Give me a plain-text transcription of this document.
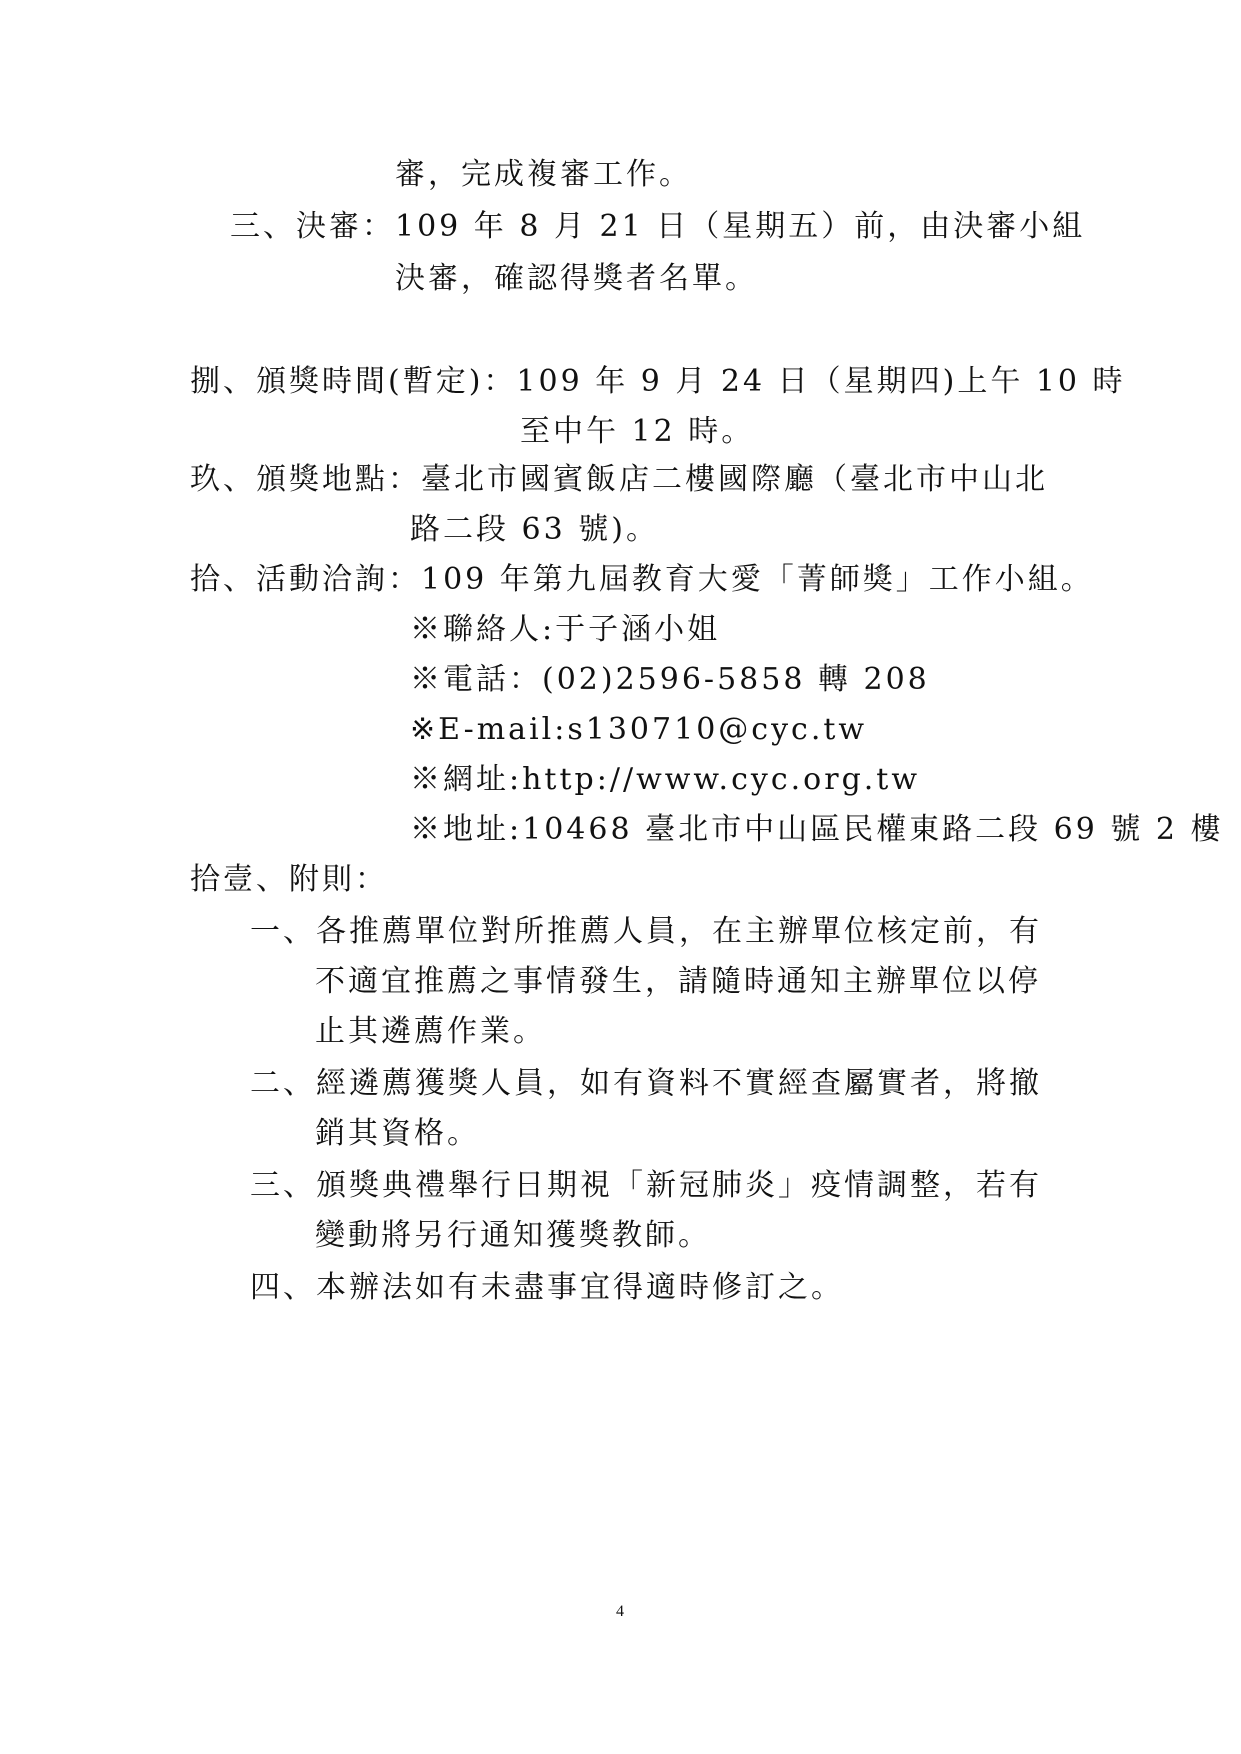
審，完成複審工作。
三、決審：109 年 8 月 21 日（星期五）前，由決審小組
決審，確認得獎者名單。
捌、頒獎時間(暫定)：109 年 9 月 24 日（星期四)上午 10 時
至中午 12 時。
玖、頒獎地點：臺北市國賓飯店二樓國際廳（臺北市中山北
路二段 63 號)。
拾、活動洽詢：109 年第九屆教育大愛「菁師獎」工作小組。
※聯絡人:于子涵小姐
※電話：(02)2596-5858 轉 208
※E-mail:s130710@cyc.tw
※網址:http://www.cyc.org.tw
※地址:10468 臺北市中山區民權東路二段 69 號 2 樓
拾壹、附則：
一、各推薦單位對所推薦人員，在主辦單位核定前，有
不適宜推薦之事情發生，請隨時通知主辦單位以停
止其遴薦作業。
二、經遴薦獲獎人員，如有資料不實經查屬實者，將撤
銷其資格。
三、頒獎典禮舉行日期視「新冠肺炎」疫情調整，若有
變動將另行通知獲獎教師。
四、本辦法如有未盡事宜得適時修訂之。
4
